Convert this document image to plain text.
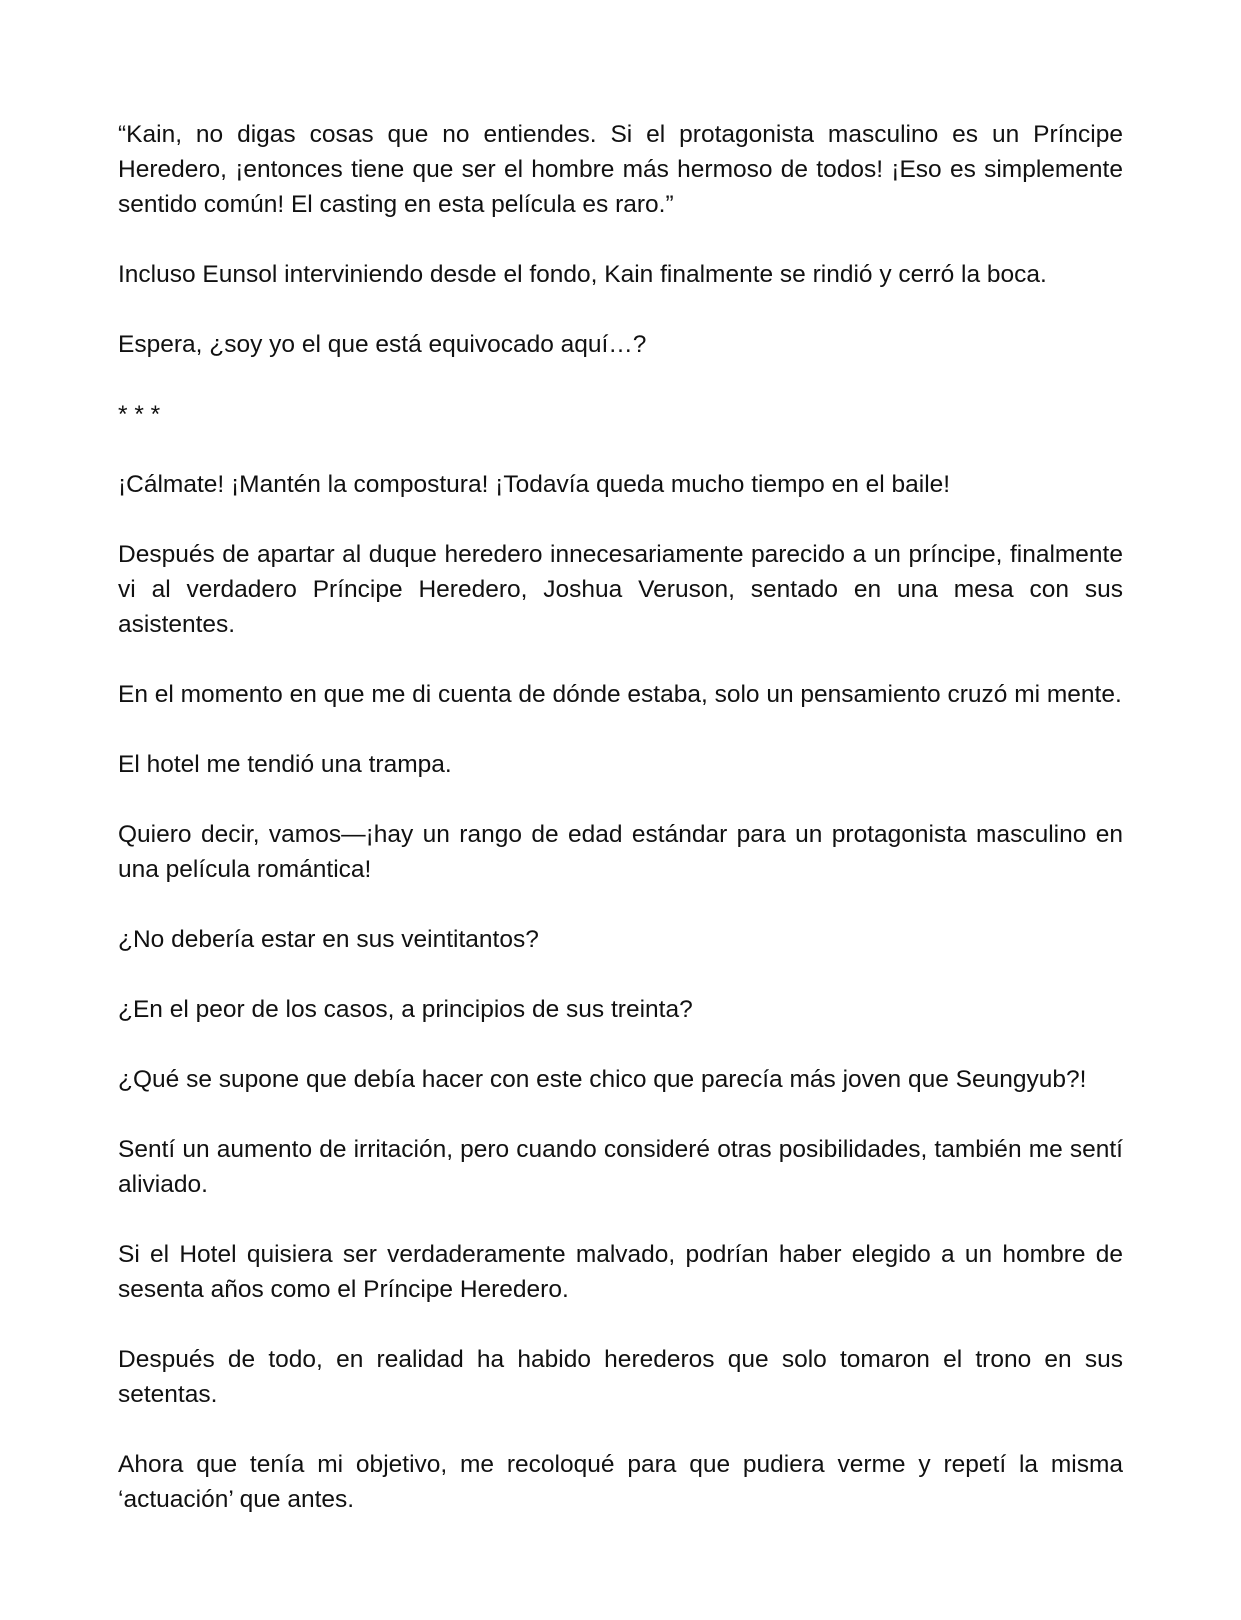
“Kain, no digas cosas que no entiendes. Si el protagonista masculino es un Príncipe Heredero, ¡entonces tiene que ser el hombre más hermoso de todos! ¡Eso es simplemente sentido común! El casting en esta película es raro.”

Incluso Eunsol interviniendo desde el fondo, Kain finalmente se rindió y cerró la boca.

Espera, ¿soy yo el que está equivocado aquí…?

* * *

¡Cálmate! ¡Mantén la compostura! ¡Todavía queda mucho tiempo en el baile!

Después de apartar al duque heredero innecesariamente parecido a un príncipe, finalmente vi al verdadero Príncipe Heredero, Joshua Veruson, sentado en una mesa con sus asistentes.

En el momento en que me di cuenta de dónde estaba, solo un pensamiento cruzó mi mente.

El hotel me tendió una trampa.

Quiero decir, vamos—¡hay un rango de edad estándar para un protagonista masculino en una película romántica!

¿No debería estar en sus veintitantos?

¿En el peor de los casos, a principios de sus treinta?

¿Qué se supone que debía hacer con este chico que parecía más joven que Seungyub?!

Sentí un aumento de irritación, pero cuando consideré otras posibilidades, también me sentí aliviado.

Si el Hotel quisiera ser verdaderamente malvado, podrían haber elegido a un hombre de sesenta años como el Príncipe Heredero.

Después de todo, en realidad ha habido herederos que solo tomaron el trono en sus setentas.

Ahora que tenía mi objetivo, me recoloqué para que pudiera verme y repetí la misma ‘actuación’ que antes.
